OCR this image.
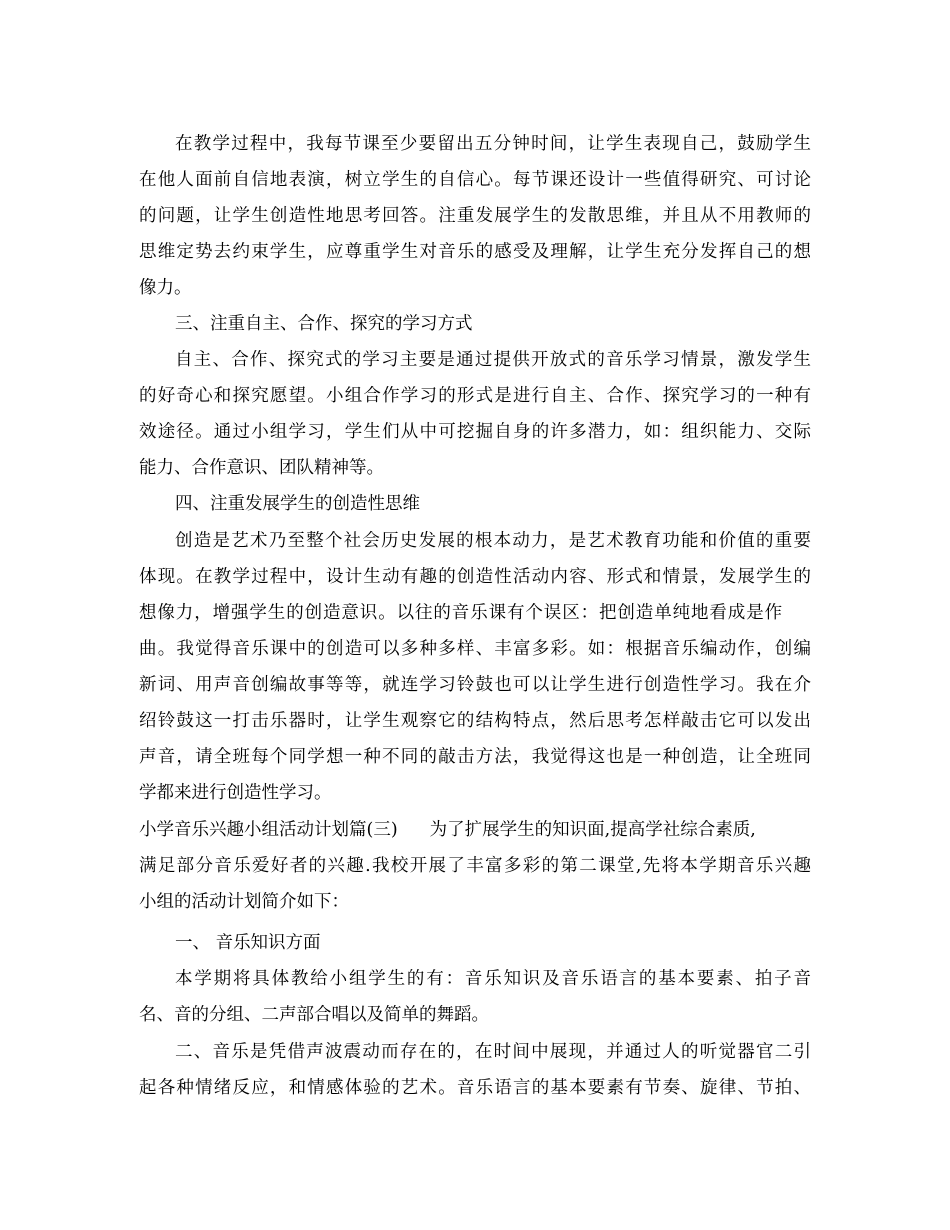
在教学过程中，我每节课至少要留出五分钟时间，让学生表现自己，鼓励学生
在他人面前自信地表演，树立学生的自信心。每节课还设计一些值得研究、可讨论
的问题，让学生创造性地思考回答。注重发展学生的发散思维，并且从不用教师的
思维定势去约束学生，应尊重学生对音乐的感受及理解，让学生充分发挥自己的想
像力。
三、注重自主、合作、探究的学习方式
自主、合作、探究式的学习主要是通过提供开放式的音乐学习情景，激发学生
的好奇心和探究愿望。小组合作学习的形式是进行自主、合作、探究学习的一种有
效途径。通过小组学习，学生们从中可挖掘自身的许多潜力，如：组织能力、交际
能力、合作意识、团队精神等。
四、注重发展学生的创造性思维
创造是艺术乃至整个社会历史发展的根本动力，是艺术教育功能和价值的重要
体现。在教学过程中，设计生动有趣的创造性活动内容、形式和情景，发展学生的
想像力，增强学生的创造意识。以往的音乐课有个误区：把创造单纯地看成是作
曲。我觉得音乐课中的创造可以多种多样、丰富多彩。如：根据音乐编动作，创编
新词、用声音创编故事等等，就连学习铃鼓也可以让学生进行创造性学习。我在介
绍铃鼓这一打击乐器时，让学生观察它的结构特点，然后思考怎样敲击它可以发出
声音，请全班每个同学想一种不同的敲击方法，我觉得这也是一种创造，让全班同
学都来进行创造性学习。
小学音乐兴趣小组活动计划篇(三) 为了扩展学生的知识面,提高学社综合素质,
满足部分音乐爱好者的兴趣.我校开展了丰富多彩的第二课堂,先将本学期音乐兴趣
小组的活动计划简介如下：
一、 音乐知识方面
本学期将具体教给小组学生的有：音乐知识及音乐语言的基本要素、拍子音
名、音的分组、二声部合唱以及简单的舞蹈。
二、音乐是凭借声波震动而存在的，在时间中展现，并通过人的听觉器官二引
起各种情绪反应，和情感体验的艺术。音乐语言的基本要素有节奏、旋律、节拍、
